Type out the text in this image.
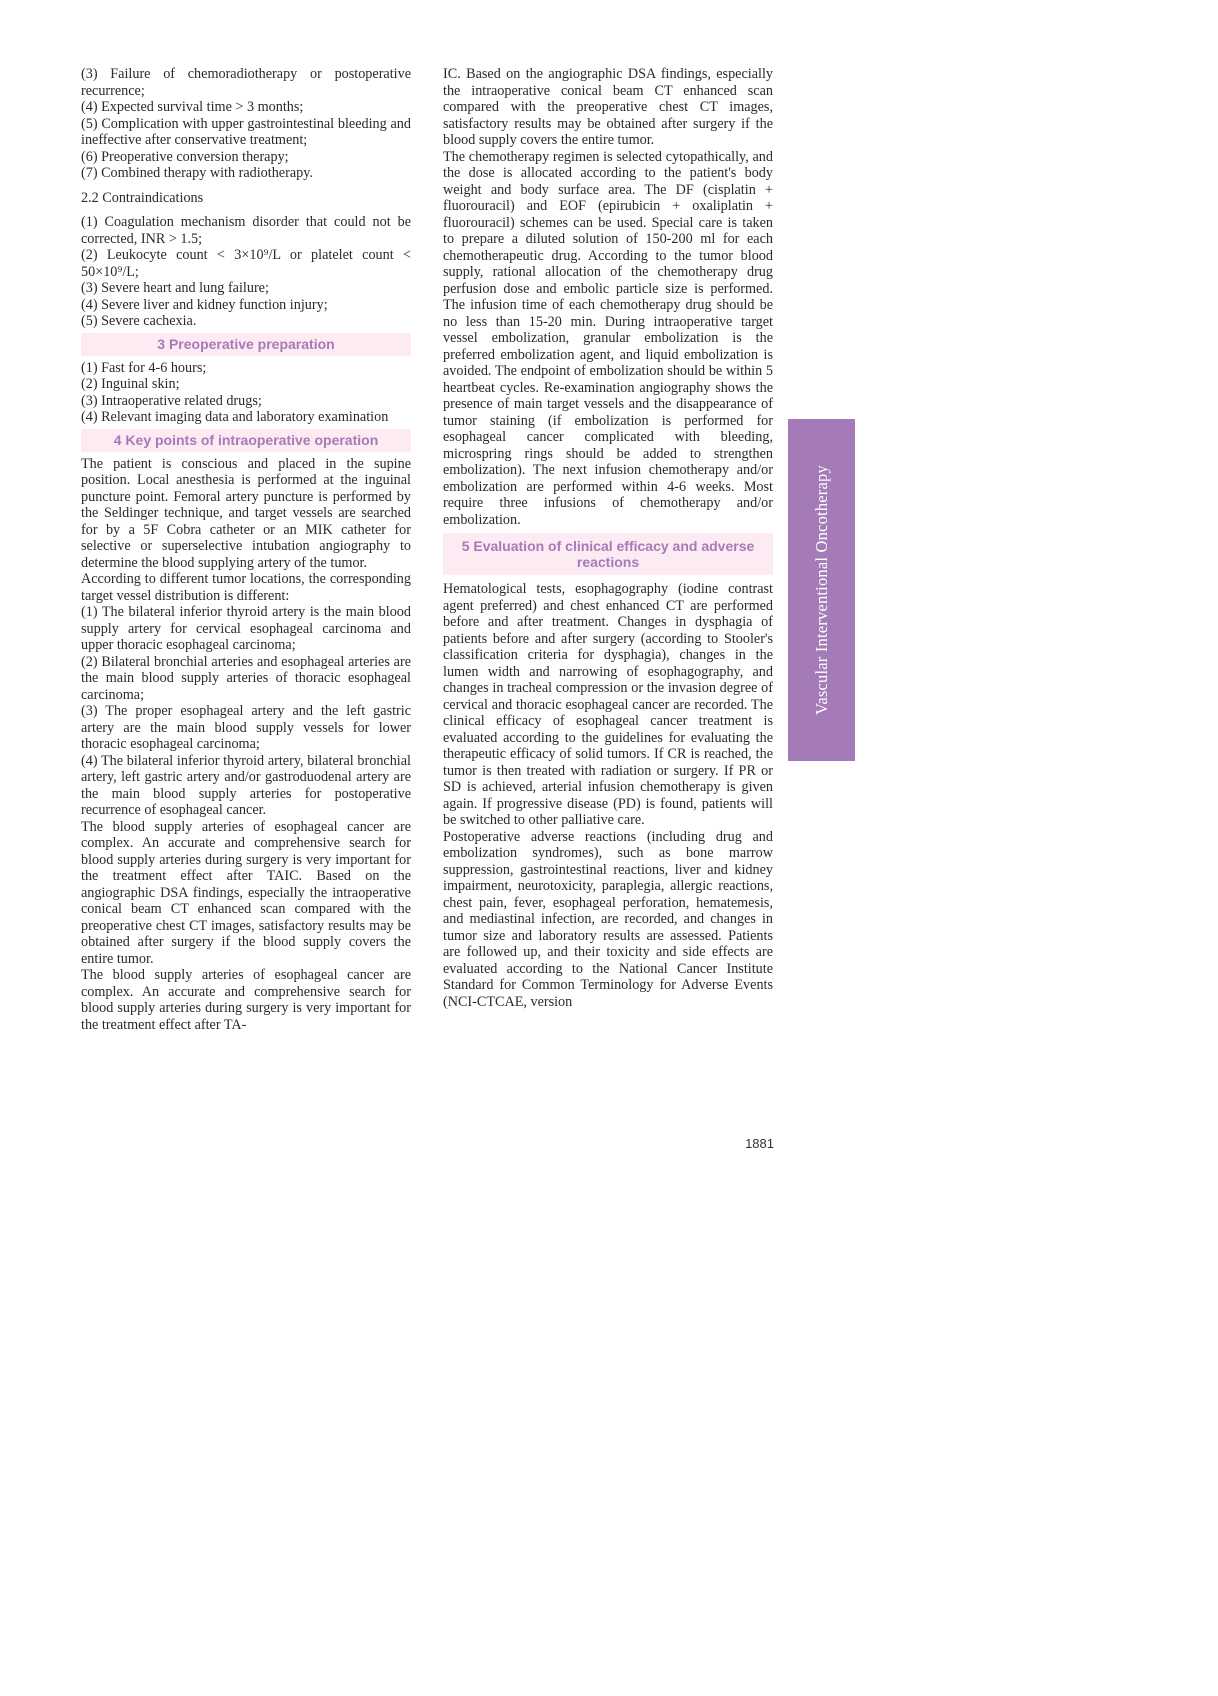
(3) Failure of chemoradiotherapy or postoperative recurrence;

(4) Expected survival time > 3 months;

(5) Complication with upper gastrointestinal bleeding and ineffective after conservative treatment;

(6) Preoperative conversion therapy;

(7) Combined therapy with radiotherapy.

2.2 Contraindications

(1) Coagulation mechanism disorder that could not be corrected, INR > 1.5;

(2) Leukocyte count < 3×10⁹/L or platelet count < 50×10⁹/L;

(3) Severe heart and lung failure;

(4) Severe liver and kidney function injury;

(5) Severe cachexia.

3 Preoperative preparation

(1) Fast for 4-6 hours;

(2) Inguinal skin;

(3) Intraoperative related drugs;

(4) Relevant imaging data and laboratory examination

4 Key points of intraoperative operation

The patient is conscious and placed in the supine position. Local anesthesia is performed at the inguinal puncture point. Femoral artery puncture is performed by the Seldinger technique, and target vessels are searched for by a 5F Cobra catheter or an MIK catheter for selective or superselective intubation angiography to determine the blood supplying artery of the tumor.

According to different tumor locations, the corresponding target vessel distribution is different:

(1) The bilateral inferior thyroid artery is the main blood supply artery for cervical esophageal carcinoma and upper thoracic esophageal carcinoma;

(2) Bilateral bronchial arteries and esophageal arteries are the main blood supply arteries of thoracic esophageal carcinoma;

(3) The proper esophageal artery and the left gastric artery are the main blood supply vessels for lower thoracic esophageal carcinoma;

(4) The bilateral inferior thyroid artery, bilateral bronchial artery, left gastric artery and/or gastroduodenal artery are the main blood supply arteries for postoperative recurrence of esophageal cancer.

The blood supply arteries of esophageal cancer are complex. An accurate and comprehensive search for blood supply arteries during surgery is very important for the treatment effect after TAIC. Based on the angiographic DSA findings, especially the intraoperative conical beam CT enhanced scan compared with the preoperative chest CT images, satisfactory results may be obtained after surgery if the blood supply covers the entire tumor.

The blood supply arteries of esophageal cancer are complex. An accurate and comprehensive search for blood supply arteries during surgery is very important for the treatment effect after TA-

IC. Based on the angiographic DSA findings, especially the intraoperative conical beam CT enhanced scan compared with the preoperative chest CT images, satisfactory results may be obtained after surgery if the blood supply covers the entire tumor.

The chemotherapy regimen is selected cytopathically, and the dose is allocated according to the patient's body weight and body surface area. The DF (cisplatin + fluorouracil) and EOF (epirubicin + oxaliplatin + fluorouracil) schemes can be used. Special care is taken to prepare a diluted solution of 150-200 ml for each chemotherapeutic drug. According to the tumor blood supply, rational allocation of the chemotherapy drug perfusion dose and embolic particle size is performed. The infusion time of each chemotherapy drug should be no less than 15-20 min. During intraoperative target vessel embolization, granular embolization is the preferred embolization agent, and liquid embolization is avoided. The endpoint of embolization should be within 5 heartbeat cycles. Re-examination angiography shows the presence of main target vessels and the disappearance of tumor staining (if embolization is performed for esophageal cancer complicated with bleeding, microspring rings should be added to strengthen embolization). The next infusion chemotherapy and/or embolization are performed within 4-6 weeks. Most require three infusions of chemotherapy and/or embolization.

5 Evaluation of clinical efficacy and adverse reactions

Hematological tests, esophagography (iodine contrast agent preferred) and chest enhanced CT are performed before and after treatment. Changes in dysphagia of patients before and after surgery (according to Stooler's classification criteria for dysphagia), changes in the lumen width and narrowing of esophagography, and changes in tracheal compression or the invasion degree of cervical and thoracic esophageal cancer are recorded. The clinical efficacy of esophageal cancer treatment is evaluated according to the guidelines for evaluating the therapeutic efficacy of solid tumors. If CR is reached, the tumor is then treated with radiation or surgery. If PR or SD is achieved, arterial infusion chemotherapy is given again. If progressive disease (PD) is found, patients will be switched to other palliative care.

Postoperative adverse reactions (including drug and embolization syndromes), such as bone marrow suppression, gastrointestinal reactions, liver and kidney impairment, neurotoxicity, paraplegia, allergic reactions, chest pain, fever, esophageal perforation, hematemesis, and mediastinal infection, are recorded, and changes in tumor size and laboratory results are assessed. Patients are followed up, and their toxicity and side effects are evaluated according to the National Cancer Institute Standard for Common Terminology for Adverse Events (NCI-CTCAE, version

Vascular Interventional Oncotherapy
1881
